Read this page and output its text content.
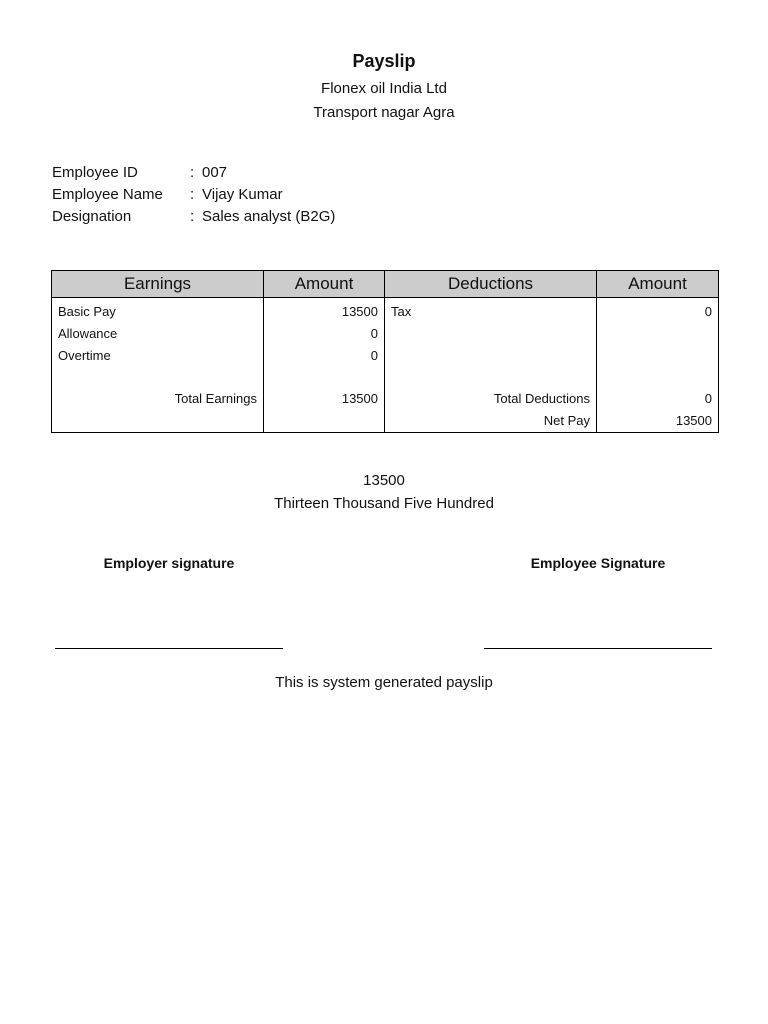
Payslip
Flonex oil India Ltd
Transport nagar Agra
Employee ID	: 007
Employee Name : Vijay Kumar
Designation	: Sales analyst (B2G)
Earnings	Amount	Deductions	Amount
Basic Pay	13500	Tax	0
Allowance	0		
Overtime	0		

Total Earnings	13500	Total Deductions	0
		Net Pay	13500
13500
Thirteen Thousand Five Hundred
Employer signature	Employee Signature
This is system generated payslip
